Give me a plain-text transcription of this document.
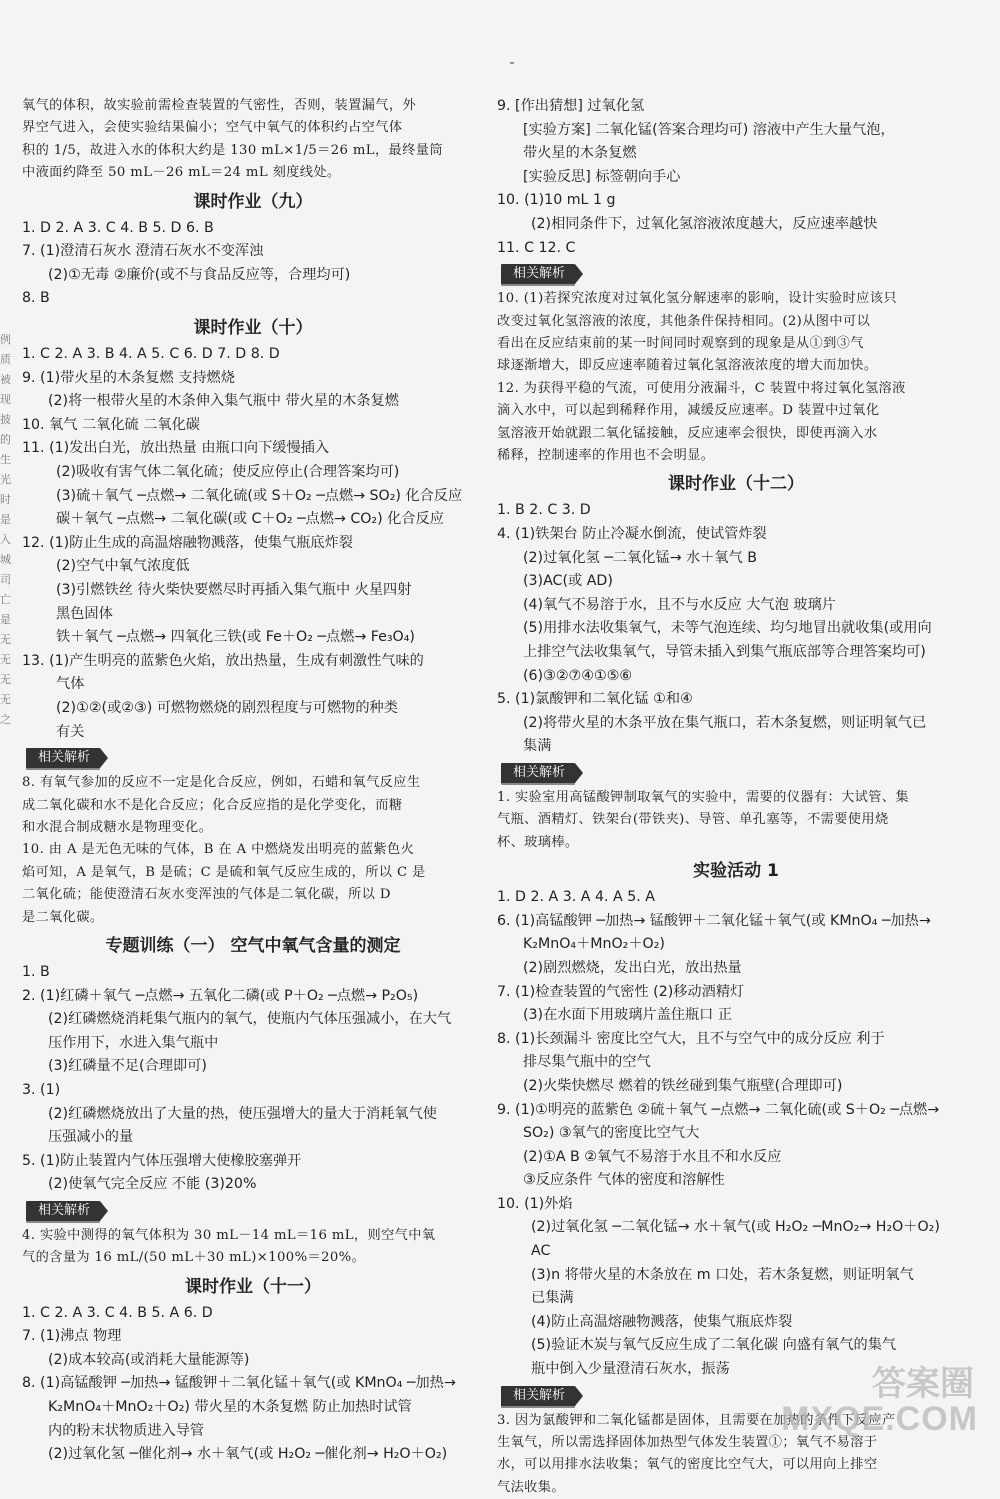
例
质
被
现
披
的
生
光
时
是
入
城
司
亡
是
无
无
无
无
之
氧气的体积，故实验前需检查装置的气密性，否则，装置漏气，外
界空气进入，会使实验结果偏小；空气中氧气的体积约占空气体
积的 1/5，故进入水的体积大约是 130 mL×1/5＝26 mL，最终量筒
中液面约降至 50 mL－26 mL＝24 mL 刻度线处。
课时作业（九）
1. D 2. A 3. C 4. B 5. D 6. B
7. (1)澄清石灰水 澄清石灰水不变浑浊
(2)①无毒 ②廉价(或不与食品反应等，合理均可)
8. B
课时作业（十）
1. C 2. A 3. B 4. A 5. C 6. D 7. D 8. D
9. (1)带火星的木条复燃 支持燃烧
(2)将一根带火星的木条伸入集气瓶中 带火星的木条复燃
10. 氧气 二氧化硫 二氧化碳
11. (1)发出白光，放出热量 由瓶口向下缓慢插入
(2)吸收有害气体二氧化硫；使反应停止(合理答案均可)
(3)硫＋氧气 ─点燃→ 二氧化硫(或 S＋O₂ ─点燃→ SO₂) 化合反应
碳＋氧气 ─点燃→ 二氧化碳(或 C＋O₂ ─点燃→ CO₂) 化合反应
12. (1)防止生成的高温熔融物溅落，使集气瓶底炸裂
(2)空气中氧气浓度低
(3)引燃铁丝 待火柴快要燃尽时再插入集气瓶中 火星四射
黑色固体
铁＋氧气 ─点燃→ 四氧化三铁(或 Fe＋O₂ ─点燃→ Fe₃O₄)
13. (1)产生明亮的蓝紫色火焰，放出热量，生成有刺激性气味的
气体
(2)①②(或②③) 可燃物燃烧的剧烈程度与可燃物的种类
有关
相关解析
8. 有氧气参加的反应不一定是化合反应，例如，石蜡和氧气反应生
成二氧化碳和水不是化合反应；化合反应指的是化学变化，而糖
和水混合制成糖水是物理变化。
10. 由 A 是无色无味的气体，B 在 A 中燃烧发出明亮的蓝紫色火
焰可知，A 是氧气，B 是硫；C 是硫和氧气反应生成的，所以 C 是
二氧化硫；能使澄清石灰水变浑浊的气体是二氧化碳，所以 D
是二氧化碳。
专题训练（一） 空气中氧气含量的测定
1. B
2. (1)红磷＋氧气 ─点燃→ 五氧化二磷(或 P＋O₂ ─点燃→ P₂O₅)
(2)红磷燃烧消耗集气瓶内的氧气，使瓶内气体压强减小，在大气
压作用下，水进入集气瓶中
(3)红磷量不足(合理即可)
3. (1)
(2)红磷燃烧放出了大量的热，使压强增大的量大于消耗氧气使
压强减小的量
5. (1)防止装置内气体压强增大使橡胶塞弹开
(2)使氧气完全反应 不能 (3)20%
相关解析
4. 实验中测得的氧气体积为 30 mL－14 mL＝16 mL，则空气中氧
气的含量为 16 mL/(50 mL＋30 mL)×100%＝20%。
课时作业（十一）
1. C 2. A 3. C 4. B 5. A 6. D
7. (1)沸点 物理
(2)成本较高(或消耗大量能源等)
8. (1)高锰酸钾 ─加热→ 锰酸钾＋二氧化锰＋氧气(或 KMnO₄ ─加热→
K₂MnO₄＋MnO₂＋O₂) 带火星的木条复燃 防止加热时试管
内的粉末状物质进入导管
(2)过氧化氢 ─催化剂→ 水＋氧气(或 H₂O₂ ─催化剂→ H₂O＋O₂)
9. [作出猜想] 过氧化氢
[实验方案] 二氧化锰(答案合理均可) 溶液中产生大量气泡，
带火星的木条复燃
[实验反思] 标签朝向手心
10. (1)10 mL 1 g
(2)相同条件下，过氧化氢溶液浓度越大，反应速率越快
11. C 12. C
相关解析
10. (1)若探究浓度对过氧化氢分解速率的影响，设计实验时应该只
改变过氧化氢溶液的浓度，其他条件保持相同。(2)从图中可以
看出在反应结束前的某一时间同时观察到的现象是从①到③气
球逐渐增大，即反应速率随着过氧化氢溶液浓度的增大而加快。
12. 为获得平稳的气流，可使用分液漏斗，C 装置中将过氧化氢溶液
滴入水中，可以起到稀释作用，减缓反应速率。D 装置中过氧化
氢溶液开始就跟二氧化锰接触，反应速率会很快，即使再滴入水
稀释，控制速率的作用也不会明显。
课时作业（十二）
1. B 2. C 3. D
4. (1)铁架台 防止冷凝水倒流，使试管炸裂
(2)过氧化氢 ─二氧化锰→ 水＋氧气 B
(3)AC(或 AD)
(4)氧气不易溶于水，且不与水反应 大气泡 玻璃片
(5)用排水法收集氧气，未等气泡连续、均匀地冒出就收集(或用向
上排空气法收集氧气，导管未插入到集气瓶底部等合理答案均可)
(6)③②⑦④①⑤⑥
5. (1)氯酸钾和二氧化锰 ①和④
(2)将带火星的木条平放在集气瓶口，若木条复燃，则证明氧气已
集满
相关解析
1. 实验室用高锰酸钾制取氧气的实验中，需要的仪器有：大试管、集
气瓶、酒精灯、铁架台(带铁夹)、导管、单孔塞等，不需要使用烧
杯、玻璃棒。
实验活动 1
1. D 2. A 3. A 4. A 5. A
6. (1)高锰酸钾 ─加热→ 锰酸钾＋二氧化锰＋氧气(或 KMnO₄ ─加热→
K₂MnO₄＋MnO₂＋O₂)
(2)剧烈燃烧，发出白光，放出热量
7. (1)检查装置的气密性 (2)移动酒精灯
(3)在水面下用玻璃片盖住瓶口 正
8. (1)长颈漏斗 密度比空气大，且不与空气中的成分反应 利于
排尽集气瓶中的空气
(2)火柴快燃尽 燃着的铁丝碰到集气瓶壁(合理即可)
9. (1)①明亮的蓝紫色 ②硫＋氧气 ─点燃→ 二氧化硫(或 S＋O₂ ─点燃→
SO₂) ③氧气的密度比空气大
(2)①A B ②氧气不易溶于水且不和水反应
③反应条件 气体的密度和溶解性
10. (1)外焰
(2)过氧化氢 ─二氧化锰→ 水＋氧气(或 H₂O₂ ─MnO₂→ H₂O＋O₂)
AC
(3)n 将带火星的木条放在 m 口处，若木条复燃，则证明氧气
已集满
(4)防止高温熔融物溅落，使集气瓶底炸裂
(5)验证木炭与氧气反应生成了二氧化碳 向盛有氧气的集气
瓶中倒入少量澄清石灰水，振荡
相关解析
3. 因为氯酸钾和二氧化锰都是固体，且需要在加热的条件下反应产
生氧气，所以需选择固体加热型气体发生装置①；氧气不易溶于
水，可以用排水法收集；氧气的密度比空气大，可以用向上排空
气法收集。
答案圈
MXQE.COM
